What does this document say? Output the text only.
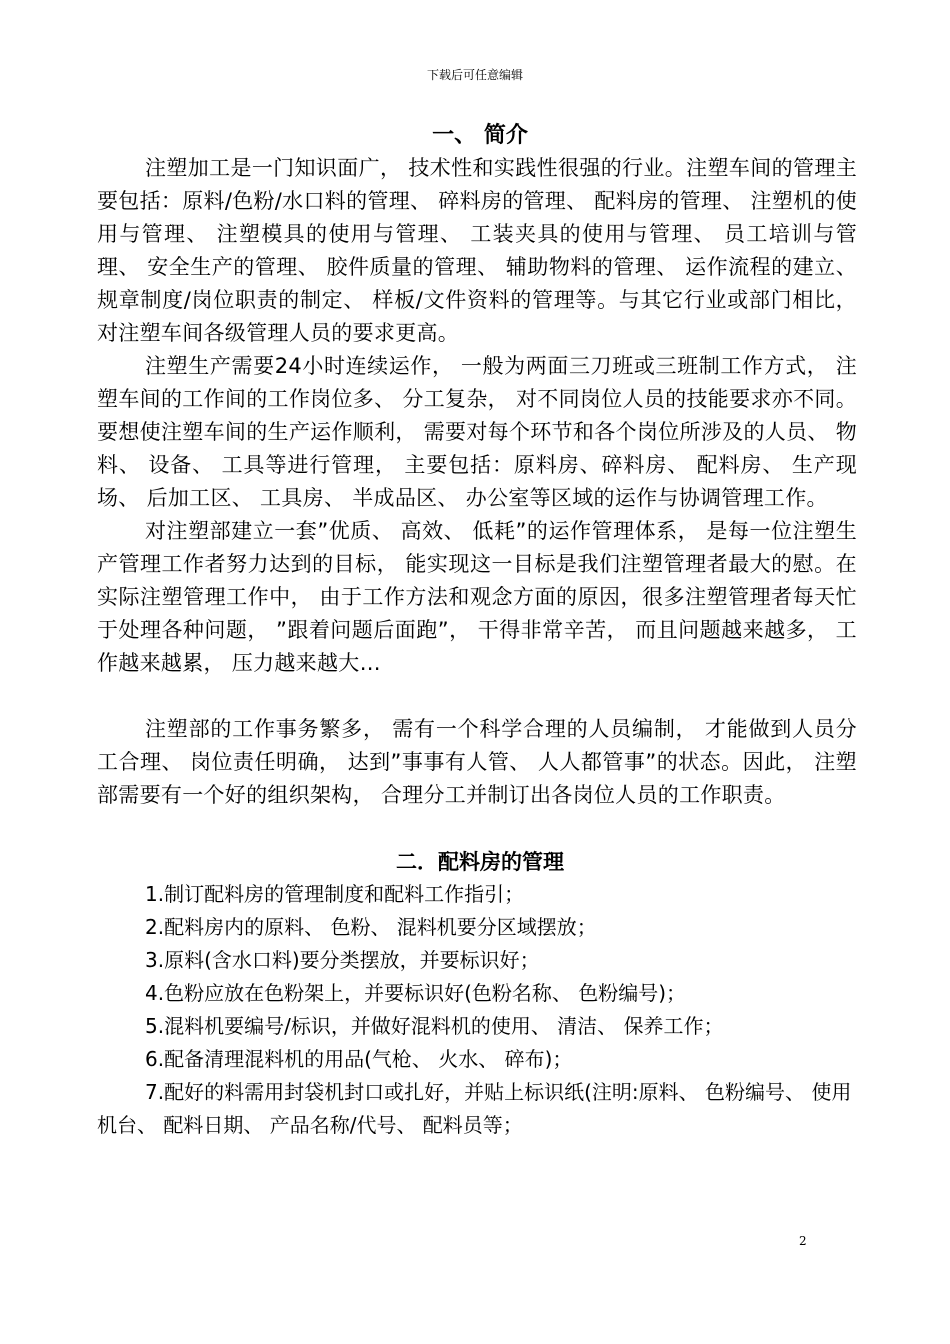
下载后可任意编辑
一、 简介

注塑加工是一门知识面广， 技术性和实践性很强的行业。注塑车间的管理主要包括：原料/色粉/水口料的管理、 碎料房的管理、 配料房的管理、 注塑机的使用与管理、 注塑模具的使用与管理、 工装夹具的使用与管理、 员工培训与管理、 安全生产的管理、 胶件质量的管理、 辅助物料的管理、 运作流程的建立、 规章制度/岗位职责的制定、 样板/文件资料的管理等。与其它行业或部门相比， 对注塑车间各级管理人员的要求更高。

注塑生产需要24小时连续运作， 一般为两面三刀班或三班制工作方式， 注塑车间的工作间的工作岗位多、 分工复杂， 对不同岗位人员的技能要求亦不同。要想使注塑车间的生产运作顺利， 需要对每个环节和各个岗位所涉及的人员、 物料、 设备、 工具等进行管理， 主要包括：原料房、碎料房、 配料房、 生产现场、 后加工区、 工具房、 半成品区、 办公室等区域的运作与协调管理工作。

对注塑部建立一套”优质、 高效、 低耗”的运作管理体系， 是每一位注塑生产管理工作者努力达到的目标， 能实现这一目标是我们注塑管理者最大的慰。在实际注塑管理工作中， 由于工作方法和观念方面的原因，很多注塑管理者每天忙于处理各种问题， ”跟着问题后面跑”， 干得非常辛苦， 而且问题越来越多， 工作越来越累， 压力越来越大…

注塑部的工作事务繁多， 需有一个科学合理的人员编制， 才能做到人员分工合理、 岗位责任明确， 达到”事事有人管、 人人都管事”的状态。因此， 注塑部需要有一个好的组织架构， 合理分工并制订出各岗位人员的工作职责。

二．配料房的管理
1.制订配料房的管理制度和配料工作指引；
2.配料房内的原料、 色粉、 混料机要分区域摆放；
3.原料(含水口料)要分类摆放，并要标识好；
4.色粉应放在色粉架上，并要标识好(色粉名称、 色粉编号)；
5.混料机要编号/标识，并做好混料机的使用、 清洁、 保养工作；
6.配备清理混料机的用品(气枪、 火水、 碎布)；
7.配好的料需用封袋机封口或扎好，并贴上标识纸(注明:原料、 色粉编号、 使用机台、 配料日期、 产品名称/代号、 配料员等；
2
